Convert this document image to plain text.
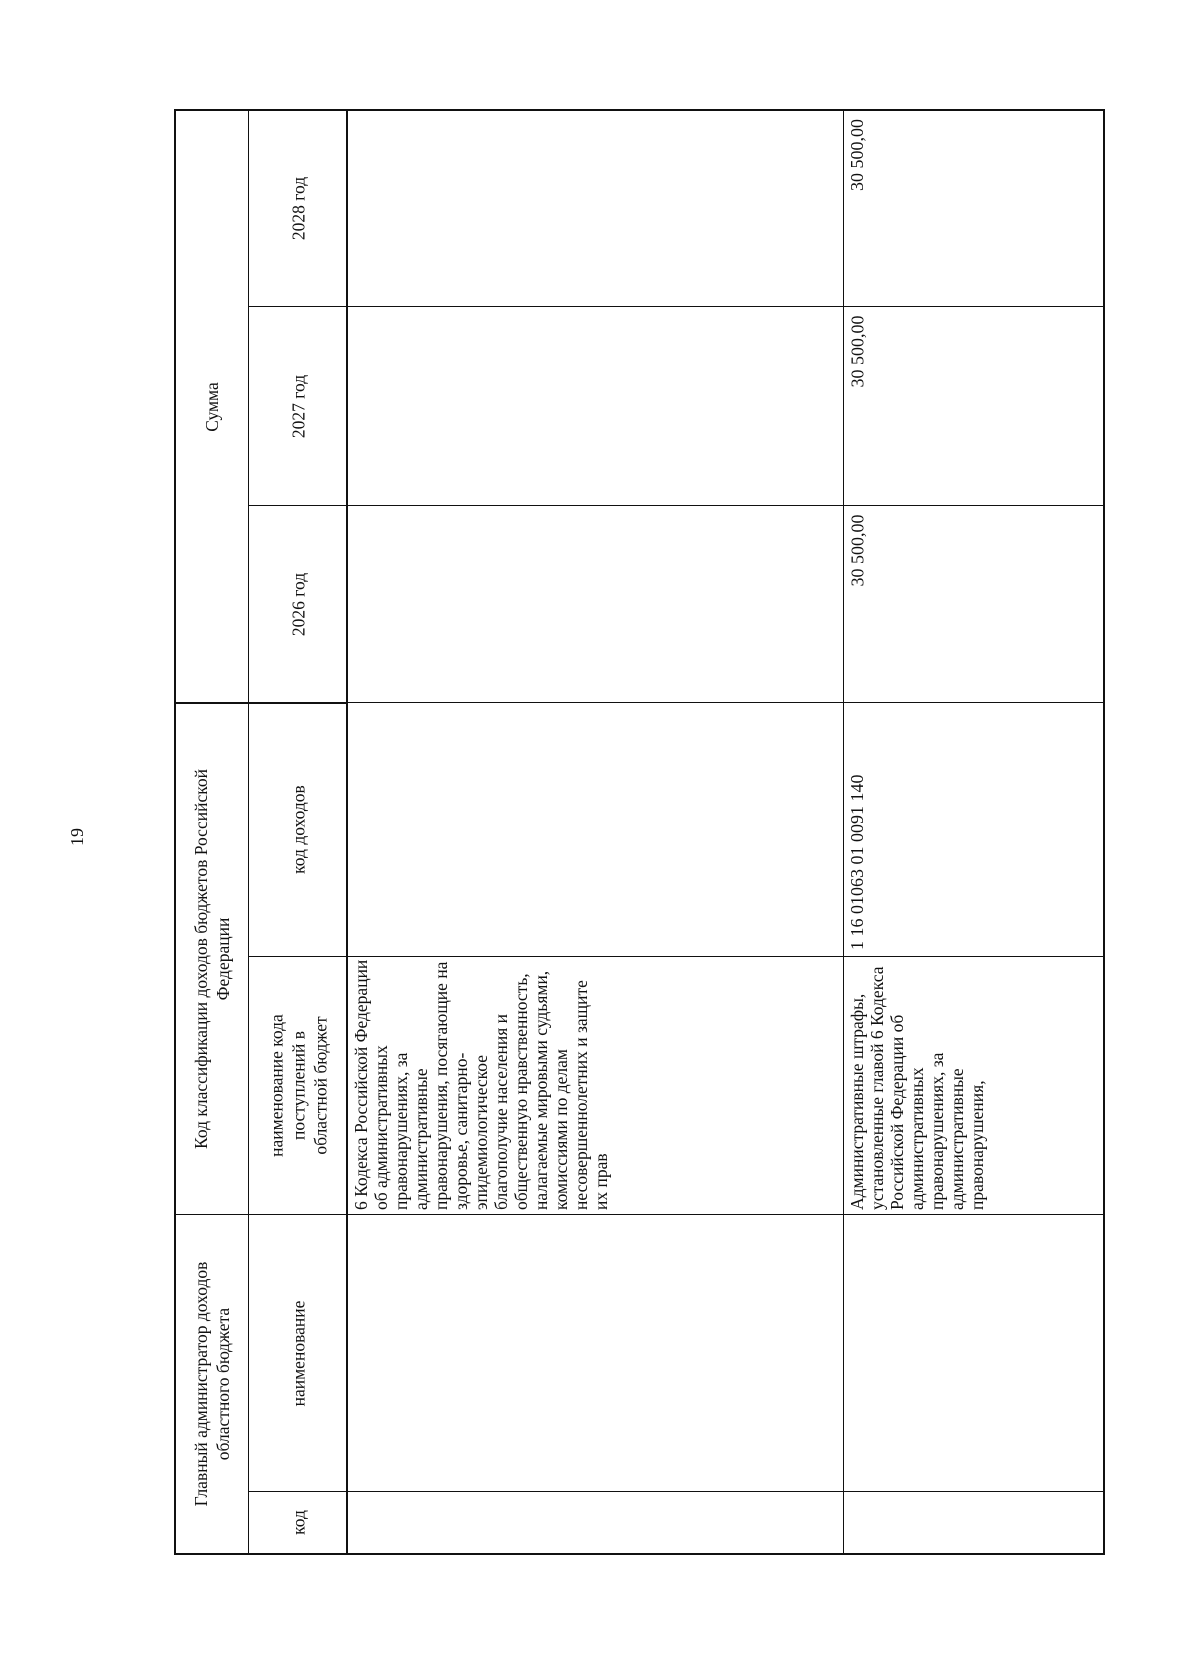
19
Главный администратор доходов областного бюджета
Код классификации доходов бюджетов Российской Федерации
Сумма
код
наименование
наименование кода поступлений в областной бюджет
код доходов
2026 год
2027 год
2028 год
6 Кодекса Российской Федерации об административных правонарушениях, за административные правонарушения, посягающие на здоровье, санитарно-эпидемиологическое благополучие населения и общественную нравственность, налагаемые мировыми судьями, комиссиями по делам несовершеннолетних и защите их прав	Административные штрафы, установленные главой 6 Кодекса Российской Федерации об административных правонарушениях, за административные правонарушения,
1 16 01063 01 0091 140
30 500,00
30 500,00
30 500,00
